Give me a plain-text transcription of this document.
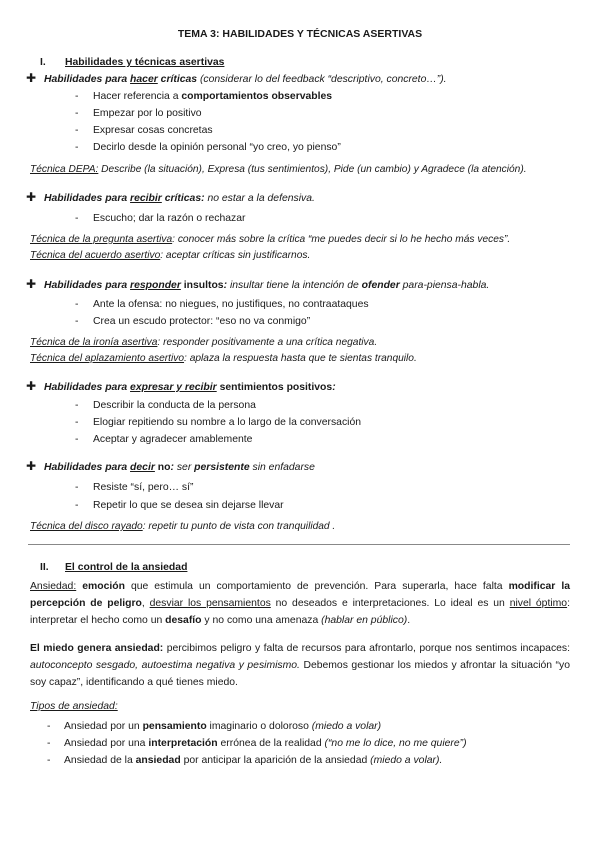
TEMA 3: HABILIDADES Y TÉCNICAS ASERTIVAS
I. Habilidades y técnicas asertivas
✚ Habilidades para hacer críticas (considerar lo del feedback “descriptivo, concreto…”).
- Hacer referencia a comportamientos observables
- Empezar por lo positivo
- Expresar cosas concretas
- Decirlo desde la opinión personal “yo creo, yo pienso”
Técnica DEPA: Describe (la situación), Expresa (tus sentimientos), Pide (un cambio) y Agradece (la atención).
✚ Habilidades para recibir críticas: no estar a la defensiva.
- Escucho; dar la razón o rechazar
Técnica de la pregunta asertiva: conocer más sobre la crítica “me puedes decir si lo he hecho más veces”.
Técnica del acuerdo asertivo: aceptar críticas sin justificarnos.
✚ Habilidades para responder insultos: insultar tiene la intención de ofender para-piensa-habla.
- Ante la ofensa: no niegues, no justifiques, no contraataques
- Crea un escudo protector: “eso no va conmigo”
Técnica de la ironía asertiva: responder positivamente a una crítica negativa.
Técnica del aplazamiento asertivo: aplaza la respuesta hasta que te sientas tranquilo.
✚ Habilidades para expresar y recibir sentimientos positivos:
- Describir la conducta de la persona
- Elogiar repitiendo su nombre a lo largo de la conversación
- Aceptar y agradecer amablemente
✚ Habilidades para decir no: ser persistente sin enfadarse
- Resiste “sí, pero… sí”
- Repetir lo que se desea sin dejarse llevar
Técnica del disco rayado: repetir tu punto de vista con tranquilidad .
II. El control de la ansiedad
Ansiedad: emoción que estimula un comportamiento de prevención. Para superarla, hace falta modificar la percepción de peligro, desviar los pensamientos no deseados e interpretaciones. Lo ideal es un nivel óptimo: interpretar el hecho como un desafío y no como una amenaza (hablar en público).
El miedo genera ansiedad: percibimos peligro y falta de recursos para afrontarlo, porque nos sentimos incapaces: autoconcepto sesgado, autoestima negativa y pesimismo. Debemos gestionar los miedos y afrontar la situación “yo soy capaz”, identificando a qué tienes miedo.
Tipos de ansiedad:
- Ansiedad por un pensamiento imaginario o doloroso (miedo a volar)
- Ansiedad por una interpretación errónea de la realidad (“no me lo dice, no me quiere”)
- Ansiedad de la ansiedad por anticipar la aparición de la ansiedad (miedo a volar).
